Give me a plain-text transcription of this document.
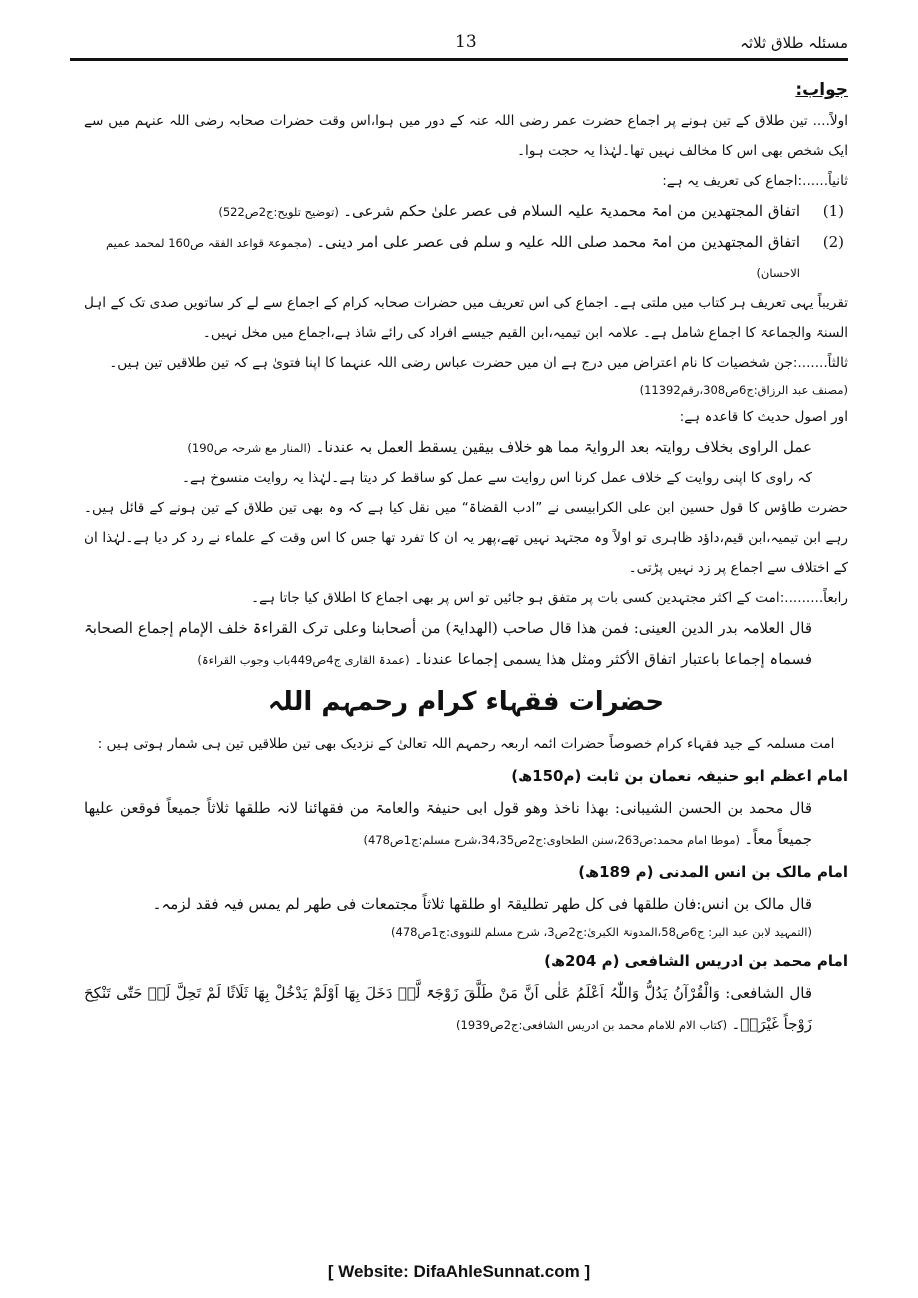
13	مسئلہ طلاق ثلاثہ

جواب:

اولاً.... تین طلاق کے تین ہونے پر اجماع حضرت عمر رضی اللہ عنہ کے دور میں ہوا،اس وقت حضرات صحابہ رضی اللہ عنہم میں سے ایک شخص بھی اس کا مخالف نہیں تھا۔لہٰذا یہ حجت ہوا۔

ثانیاً......:اجماع کی تعریف یہ ہے:

(1)
اتفاق المجتھدین من امۃ محمدیۃ علیہ السلام فی عصر علیٰ حکم شرعی۔ (توضیح تلویح:ج2ص522)

(2)
اتفاق المجتھدین من امۃ محمد صلی اللہ علیہ و سلم فی عصر علی امر دینی۔ (مجموعۃ قواعد الفقہ ص160 لمحمد عمیم الاحسان)

تقریباً یہی تعریف ہر کتاب میں ملتی ہے۔ اجماع کی اس تعریف میں حضرات صحابہ کرام کے اجماع سے لے کر ساتویں صدی تک کے اہل السنۃ والجماعۃ کا اجماع شامل ہے۔ علامہ ابن تیمیہ،ابن القیم جیسے افراد کی رائے شاذ ہے،اجماع میں مخل نہیں۔

ثالثاً.......:جن شخصیات کا نام اعتراض میں درج ہے ان میں حضرت عباس رضی اللہ عنہما کا اپنا فتویٰ ہے کہ تین طلاقیں تین ہیں۔

(مصنف عبد الرزاق:ج6ص308،رقم11392)

اور اصول حدیث کا قاعدہ ہے:

عمل الراوی بخلاف روایتہ بعد الروایۃ مما ھو خلاف بیقین یسقط العمل بہ عندنا۔ (المنار مع شرحہ ص190)

کہ راوی کا اپنی روایت کے خلاف عمل کرنا اس روایت سے عمل کو ساقط کر دیتا ہے۔لہٰذا یہ روایت منسوخ ہے۔

حضرت طاؤس کا قول حسین ابن علی الکرابیسی نے ”ادب القضاۃ“ میں نقل کیا ہے کہ وہ بھی تین طلاق کے تین ہونے کے قائل ہیں۔ رہے ابن تیمیہ،ابن قیم،داؤد ظاہری تو اولاً وہ مجتہد نہیں تھے،پھر یہ ان کا تفرد تھا جس کا اس وقت کے علماء نے رد کر دیا ہے۔لہٰذا ان کے اختلاف سے اجماع پر زد نہیں پڑتی۔

رابعاً.........:امت کے اکثر مجتہدین کسی بات پر متفق ہو جائیں تو اس پر بھی اجماع کا اطلاق کیا جاتا ہے۔

قال العلامہ بدر الدین العینی: فمن ھذا قال صاحب (الھدایۃ) من أصحابنا وعلی ترک القراءۃ خلف الإمام إجماع الصحابۃ فسماہ إجماعا باعتبار اتفاق الأکثر ومثل ھذا یسمی إجماعا عندنا۔ (عمدۃ القاری ج4ص449باب وجوب القراءۃ)

حضرات فقہاء کرام رحمہم اللہ

امت مسلمہ کے جید فقہاء کرام خصوصاً حضرات ائمہ اربعہ رحمہم اللہ تعالیٰ کے نزدیک بھی تین طلاقیں تین ہی شمار ہوتی ہیں :

امام اعظم ابو حنیفہ نعمان بن ثابت (م150ھ)

قال محمد بن الحسن الشیبانی: بھذا ناخذ وھو قول ابی حنیفۃ والعامۃ من فقھائنا لانہ طلقھا ثلاثاً جمیعاً فوقعن علیھا جمیعاً معاً۔ (موطا امام محمد:ص263،سنن الطحاوی:ج2ص34،35،شرح مسلم:ج1ص478)

امام مالک بن انس المدنی (م 189ھ)

قال مالک بن انس:فان طلقھا فی کل طھر تطلیقۃ او طلقھا ثلاثاً مجتمعات فی طھر لم یمس فیہ فقد لزمہ۔

(التمہید لابن عبد البر: ج6ص58،المدونۃ الکبریٰ:ج2ص3، شرح مسلم للنووی:ج1ص478)

امام محمد بن ادریس الشافعی (م 204ھ)

قال الشافعی: وَالْقُرْآنُ یَدُلُّ وَاللّٰہُ اَعْلَمُ عَلٰی اَنَّ مَنْ طَلَّقَ زَوْجَۃً لَّہٗ دَخَلَ بِھَا اَوْلَمْ یَدْخُلْ بِھَا ثَلَاثًا لَمْ تَحِلَّ لَہٗ حَتّٰی تَنْکِحَ زَوْجاً غَیْرَہٗ۔ (کتاب الام للامام محمد بن ادریس الشافعی:ج2ص1939)

[ Website: DifaAhleSunnat.com ]
